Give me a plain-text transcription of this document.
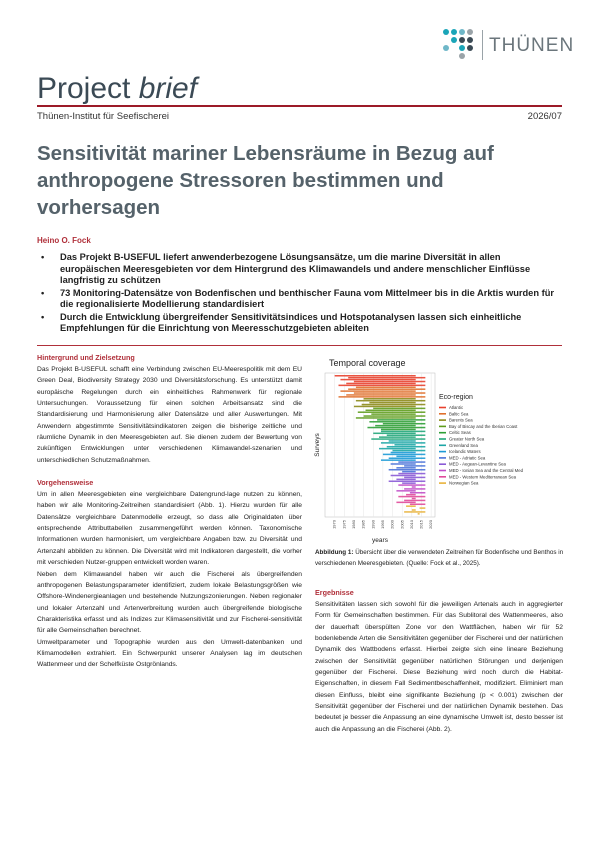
THÜNEN
Project brief
Thünen-Institut für Seefischerei	2026/07
Sensitivität mariner Lebensräume in Bezug auf anthropogene Stressoren bestimmen und vorhersagen
Heino O. Fock
• Das Projekt B-USEFUL liefert anwenderbezogene Lösungsansätze, um die marine Diversität in allen europäischen Meeresgebieten vor dem Hintergrund des Klimawandels und andere menschlicher Einflüsse langfristig zu schützen
• 73 Monitoring-Datensätze von Bodenfischen und benthischer Fauna vom Mittelmeer bis in die Arktis wurden für die regionalisierte Modellierung standardisiert
• Durch die Entwicklung übergreifender Sensitivitätsindices und Hotspotanalysen lassen sich einheitliche Empfehlungen für die Einrichtung von Meeresschutzgebieten ableiten
Hintergrund und Zielsetzung

Das Projekt B-USEFUL schafft eine Verbindung zwischen EU-Meerespolitik mit dem EU Green Deal, Biodiversity Strategy 2030 und Diversitätsforschung. Es unterstützt damit europäische Regelungen durch ein einheitliches Rahmenwerk für regionale Untersuchungen. Voraussetzung für einen solchen Arbeitsansatz sind die Standardisierung und Harmonisierung aller Datensätze und aller Auswertungen. Mit Anwendern abgestimmte Sensitivitätsindikatoren zeigen die bisherige zeitliche und räumliche Dynamik in den Meeresgebieten auf. Sie dienen zudem der Bewertung von zukünftigen Entwicklungen unter verschiedenen Klimawandel-szenarien und unterschiedlichen Schutzmaßnahmen.

Vorgehensweise

Um in allen Meeresgebieten eine vergleichbare Datengrund-lage nutzen zu können, haben wir alle Monitoring-Zeitreihen standardisiert (Abb. 1). Hierzu wurden für alle Datensätze vergleichbare Datenmodelle erzeugt, so dass alle Originaldaten über entsprechende Attributtabellen zusammengeführt werden können. Taxonomische Informationen wurden harmonisiert, um vergleichbare Angaben bzw. zu Diversität und Artenzahl abbilden zu können. Die Diversität wird mit Indikatoren dargestellt, die vorher mit verschieden Nutzer-gruppen entwickelt worden waren.

Neben dem Klimawandel haben wir auch die Fischerei als übergreifenden anthropogenen Belastungsparameter identifiziert, zudem lokale Belastungsgrößen wie Offshore-Windenergieanlagen und bestehende Nutzungszonierungen. Neben regionaler und lokaler Artenzahl und Artenverbreitung wurden auch übergreifende biologische Charakteristika erfasst und als Indizes zur Klimasensitivität und zur Fischerei-sensitivität für alle Gemeinschaften berechnet.

Umweltparameter und Topographie wurden aus den Umwelt-datenbanken und Klimamodellen extrahiert. Ein Schwerpunkt unserer Analysen lag im deutschen Wattenmeer und der Schelfküste Ostgrönlands.

Temporal coverage
1970 1975 1980 1985 1990 1995 2000 2005 2010 2015 2020
Surveys
years
Eco-region
Atlantic
Baltic Sea
Barents Sea
Bay of Biscay and the Iberian Coast
Celtic Seas
Greater North Sea
Greenland Sea
Icelandic Waters
MED - Adriatic Sea
MED - Aegean-Levantine Sea
MED - Ionian Sea and the Central Med
MED - Western Mediterranean Sea
Norwegian Sea
Abbildung 1: Übersicht über die verwendeten Zeitreihen für Bodenfische und Benthos in verschiedenen Meeresgebieten. (Quelle: Fock et al., 2025).
Ergebnisse

Sensitivitäten lassen sich sowohl für die jeweiligen Artenals auch in aggregierter Form für Gemeinschaften bestimmen. Für das Sublitoral des Wattenmeeres, also der dauerhaft überspülten Zone vor den Wattflächen, haben wir für 52 bodenlebende Arten die Sensitivitäten gegenüber der Fischerei und der natürlichen Dynamik des Wattbodens erfasst. Hierbei zeigte sich eine lineare Beziehung zwischen der Sensitivität gegenüber natürlichen Störungen und derjenigen gegenüber der Fischerei. Diese Beziehung wird noch durch die Habitat-Eigenschaften, in diesem Fall Sedimentbeschaffenheit, modifiziert. Eliminiert man diesen Einfluss, bleibt eine signifikante Beziehung (p < 0.001) zwischen der Sensitivität gegenüber der Fischerei und der natürlichen Dynamik bestehen. Das bedeutet je besser die Anpassung an eine dynamische Umwelt ist, desto besser ist auch die Anpassung an die Fischerei (Abb. 2).
